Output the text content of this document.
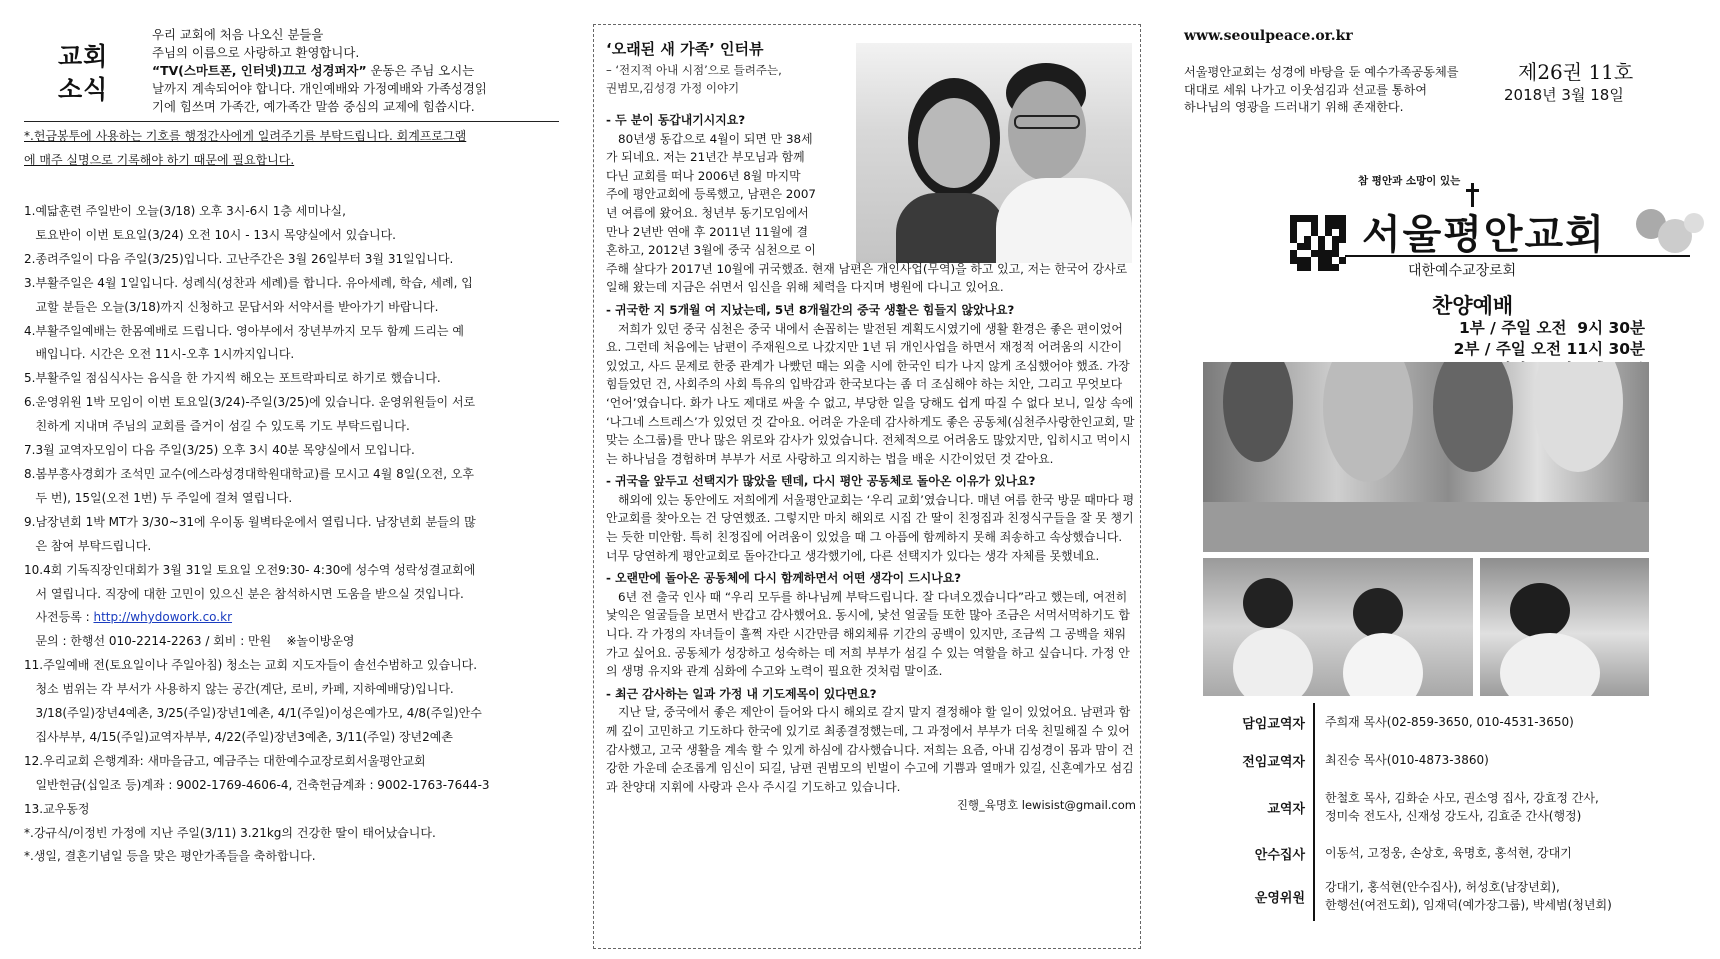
교회
소식
우리 교회에 처음 나오신 분들을
주님의 이름으로 사랑하고 환영합니다.
“TV(스마트폰, 인터넷)끄고 성경퍼자” 운동은 주님 오시는
날까지 계속되어야 합니다. 개인예배와 가정예배와 가족성경읽
기에 힘쓰며 가족간, 예가족간 말씀 중심의 교제에 힘씁시다.
*.헌금봉투에 사용하는 기호를 행정간사에게 일려주기를 부탁드립니다. 회계프로그램
에 매주 실명으로 기록해야 하기 때문에 필요합니다.
1.예닯훈련 주일반이 오늘(3/18) 오후 3시-6시 1층 세미나실,
토요반이 이번 토요일(3/24) 오전 10시 - 13시 목양실에서 있습니다.
2.종려주일이 다음 주일(3/25)입니다. 고난주간은 3월 26일부터 3월 31일입니다.
3.부활주일은 4월 1일입니다. 성례식(성찬과 세례)를 합니다. 유아세례, 학습, 세례, 입
교할 분들은 오늘(3/18)까지 신청하고 문답서와 서약서를 받아가기 바랍니다.
4.부활주일예배는 한몸예배로 드립니다. 영아부에서 장년부까지 모두 함께 드리는 예
배입니다. 시간은 오전 11시-오후 1시까지입니다.
5.부활주일 점심식사는 음식을 한 가지씩 해오는 포트락파티로 하기로 했습니다.
6.운영위원 1박 모임이 이번 토요일(3/24)-주일(3/25)에 있습니다. 운영위원들이 서로
친하게 지내며 주님의 교회를 즐거이 섬길 수 있도록 기도 부탁드립니다.
7.3월 교역자모임이 다음 주일(3/25) 오후 3시 40분 목양실에서 모입니다.
8.봄부흥사경회가 조석민 교수(에스라성경대학원대학교)를 모시고 4월 8일(오전, 오후
두 번), 15일(오전 1번) 두 주일에 걸쳐 열립니다.
9.남장년회 1박 MT가 3/30~31에 우이동 월벽타운에서 열립니다. 남장년회 분들의 많
은 참여 부탁드립니다.
10.4회 기독직장인대회가 3월 31일 토요일 오전9:30- 4:30에 성수역 성락성결교회에
서 열립니다. 직장에 대한 고민이 있으신 분은 참석하시면 도움을 받으실 것입니다.
사전등록 : http://whydowork.co.kr
문의 : 한행선 010-2214-2263 / 회비 : 만원    ※놀이방운영
11.주일예배 전(토요일이나 주일아침) 청소는 교회 지도자들이 솔선수범하고 있습니다.
청소 범위는 각 부서가 사용하지 않는 공간(계단, 로비, 카페, 지하예배당)입니다.
3/18(주일)장년4예촌, 3/25(주일)장년1예촌, 4/1(주일)이성은예가모, 4/8(주일)안수
집사부부, 4/15(주일)교역자부부, 4/22(주일)장년3예촌, 3/11(주일) 장년2예촌
12.우리교회 은행계좌: 새마을금고, 예금주는 대한예수교장로회서울평안교회
일반헌금(십일조 등)계좌 : 9002-1769-4606-4, 건축헌금계좌 : 9002-1763-7644-3
13.교우동정
*.강규식/이정빈 가정에 지난 주일(3/11) 3.21kg의 건강한 딸이 태어났습니다.
*.생일, 결혼기념일 등을 맞은 평안가족들을 축하합니다.
‘오래된 새 가족’ 인터뷰
– ‘전지적 아내 시점’으로 들려주는,
권범모,김성경 가정 이야기

- 두 분이 동갑내기시지요?

80년생 동갑으로 4월이 되면 만 38세
가 되네요. 저는 21년간 부모님과 함께
다닌 교회를 떠나 2006년 8월 마지막
주에 평안교회에 등록했고, 남편은 2007
년 여름에 왔어요. 청년부 동기모임에서
만나 2년반 연애 후 2011년 11월에 결
혼하고, 2012년 3월에 중국 심천으로 이

주해 살다가 2017년 10월에 귀국했죠. 현재 남편은 개인사업(무역)을 하고 있고, 저는 한국어 강사로 일해 왔는데 지금은 쉬면서 임신을 위해 체력을 다지며 병원에 다니고 있어요.

- 귀국한 지 5개월 여 지났는데, 5년 8개월간의 중국 생활은 힘들지 않았나요?

저희가 있던 중국 심천은 중국 내에서 손꼽히는 발전된 계획도시였기에 생활 환경은 좋은 편이었어요. 그런데 처음에는 남편이 주재원으로 나갔지만 1년 뒤 개인사업을 하면서 재정적 어려움의 시간이 있었고, 사드 문제로 한중 관계가 나빴던 때는 외출 시에 한국인 티가 나지 않게 조심했어야 했죠. 가장 힘들었던 건, 사회주의 사회 특유의 입박감과 한국보다는 좀 더 조심해야 하는 치안, 그리고 무엇보다 ‘언어’였습니다. 화가 나도 제대로 싸울 수 없고, 부당한 일을 당해도 쉽게 따질 수 없다 보니, 일상 속에 ‘나그네 스트레스’가 있었던 것 같아요. 어려운 가운데 감사하게도 좋은 공동체(심천주사랑한인교회, 말 맞는 소그룹)를 만나 많은 위로와 감사가 있었습니다. 전체적으로 어려움도 많았지만, 입히시고 먹이시는 하나님을 경험하며 부부가 서로 사랑하고 의지하는 법을 배운 시간이었던 것 같아요.

- 귀국을 앞두고 선택지가 많았을 텐데, 다시 평안 공동체로 돌아온 이유가 있나요?

해외에 있는 동안에도 저희에게 서울평안교회는 ‘우리 교회’였습니다. 매년 여름 한국 방문 때마다 평안교회를 찾아오는 건 당연했죠. 그렇지만 마치 해외로 시집 간 딸이 친정집과 친정식구들을 잘 못 챙기는 듯한 미안함. 특히 친정집에 어려움이 있었을 때 그 아픔에 함께하지 못해 죄송하고 속상했습니다. 너무 당연하게 평안교회로 돌아간다고 생각했기에, 다른 선택지가 있다는 생각 자체를 못했네요.

- 오랜만에 돌아온 공동체에 다시 함께하면서 어떤 생각이 드시나요?

6년 전 출국 인사 때 “우리 모두를 하나님께 부탁드립니다. 잘 다녀오겠습니다”라고 했는데, 여전히 낯익은 얼굴들을 보면서 반갑고 감사했어요. 동시에, 낯선 얼굴들 또한 많아 조금은 서먹서먹하기도 합니다. 각 가정의 자녀들이 훌쩍 자란 시간만큼 해외체류 기간의 공백이 있지만, 조금씩 그 공백을 채워가고 싶어요. 공동체가 성장하고 성숙하는 데 저희 부부가 섬길 수 있는 역할을 하고 싶습니다. 가정 안의 생명 유지와 관계 심화에 수고와 노력이 필요한 것처럼 말이죠.

- 최근 감사하는 일과 가정 내 기도제목이 있다면요?

지난 달, 중국에서 좋은 제안이 들어와 다시 해외로 갈지 말지 결정해야 할 일이 있었어요. 남편과 함께 깊이 고민하고 기도하다 한국에 있기로 최종결정했는데, 그 과정에서 부부가 더욱 친밀해질 수 있어 감사했고, 고국 생활을 계속 할 수 있게 하심에 감사했습니다. 저희는 요즘, 아내 김성경이 몸과 맘이 건강한 가운데 순조롭게 임신이 되길, 남편 권범모의 빈벌이 수고에 기쁨과 열매가 있길, 신혼예가모 섬김과 찬양대 지휘에 사랑과 은사 주시길 기도하고 있습니다.

진행_육명호 lewisist@gmail.com

www.seoulpeace.or.kr
서울평안교회는 성경에 바탕을 둔 예수가족공동체를
대대로 세워 나가고 이웃섬김과 선교를 통하여
하나님의 영광을 드러내기 위해 존재한다.
제26권 11호
2018년 3월 18일
참 평안과 소망이 있는
서울평안교회
대한예수교장로회
찬양예배
1부 / 주일 오전  9시 30분
2부 / 주일 오전 11시 30분
담임교역자	주희재 목사(02-859-3650, 010-4531-3650)

전임교역자	최진승 목사(010-4873-3860)

교역자	한철호 목사, 김화순 사모, 권소영 집사, 강효정 간사,
정미숙 전도사, 신재성 강도사, 김효준 간사(행정)

안수집사	이동석, 고정웅, 손상호, 육명호, 홍석현, 강대기

운영위원	강대기, 홍석현(안수집사), 허성호(남장년회),
한행선(여전도회), 임재덕(예가장그룹), 박세범(청년회)
